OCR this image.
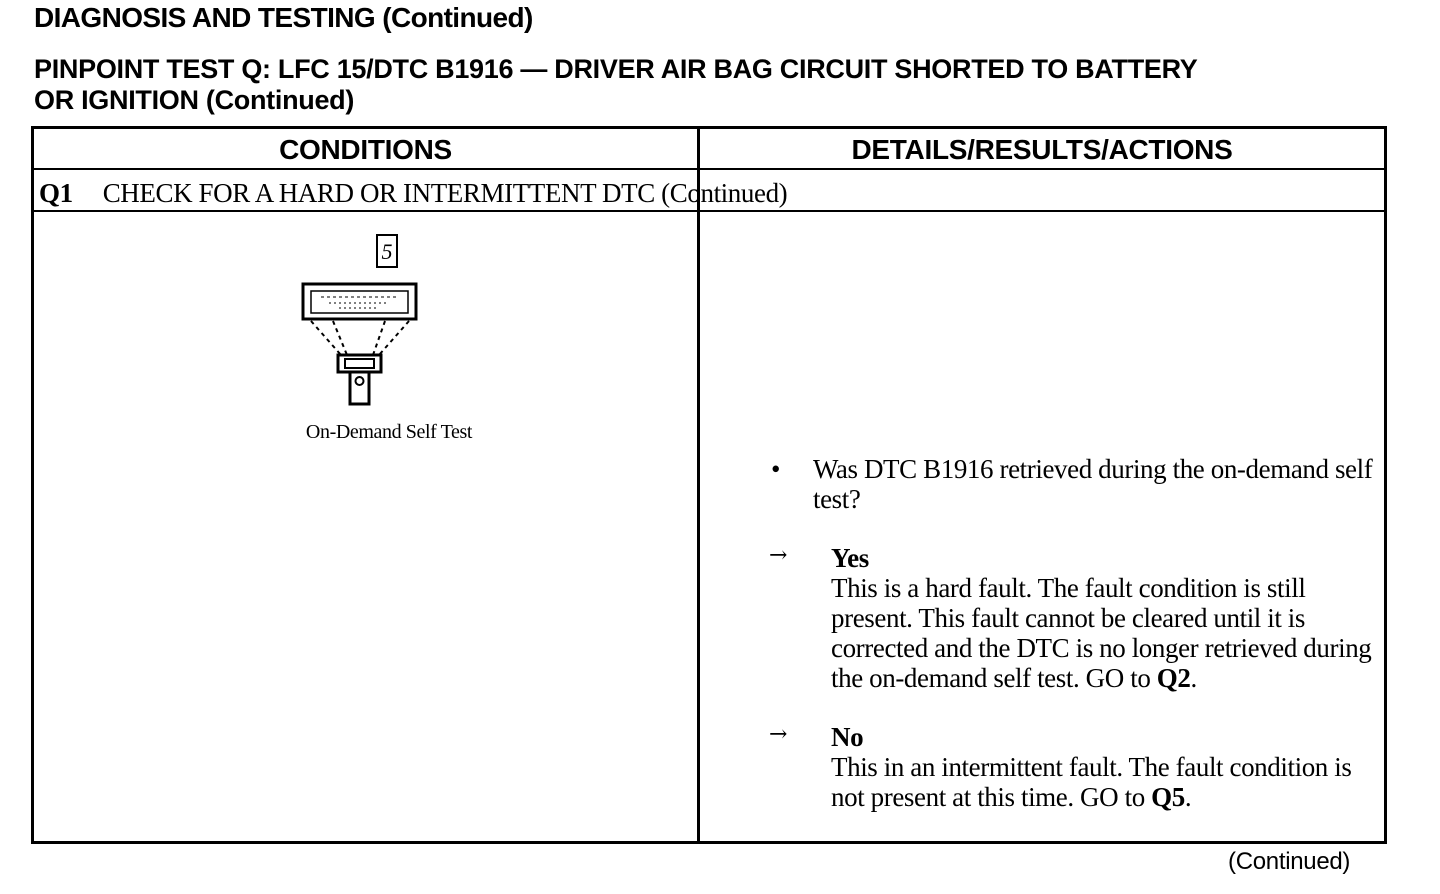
DIAGNOSIS AND TESTING (Continued)
PINPOINT TEST Q: LFC 15/DTC B1916 — DRIVER AIR BAG CIRCUIT SHORTED TO BATTERY
OR IGNITION (Continued)
CONDITIONS	DETAILS/RESULTS/ACTIONS
Q1 CHECK FOR A HARD OR INTERMITTENT DTC (Continued)
5
On-Demand Self Test
• Was DTC B1916 retrieved during the on-demand self test?
→ Yes
This is a hard fault. The fault condition is still present. This fault cannot be cleared until it is corrected and the DTC is no longer retrieved during the on-demand self test. GO to Q2.
→ No
This in an intermittent fault. The fault condition is not present at this time. GO to Q5.
(Continued)
